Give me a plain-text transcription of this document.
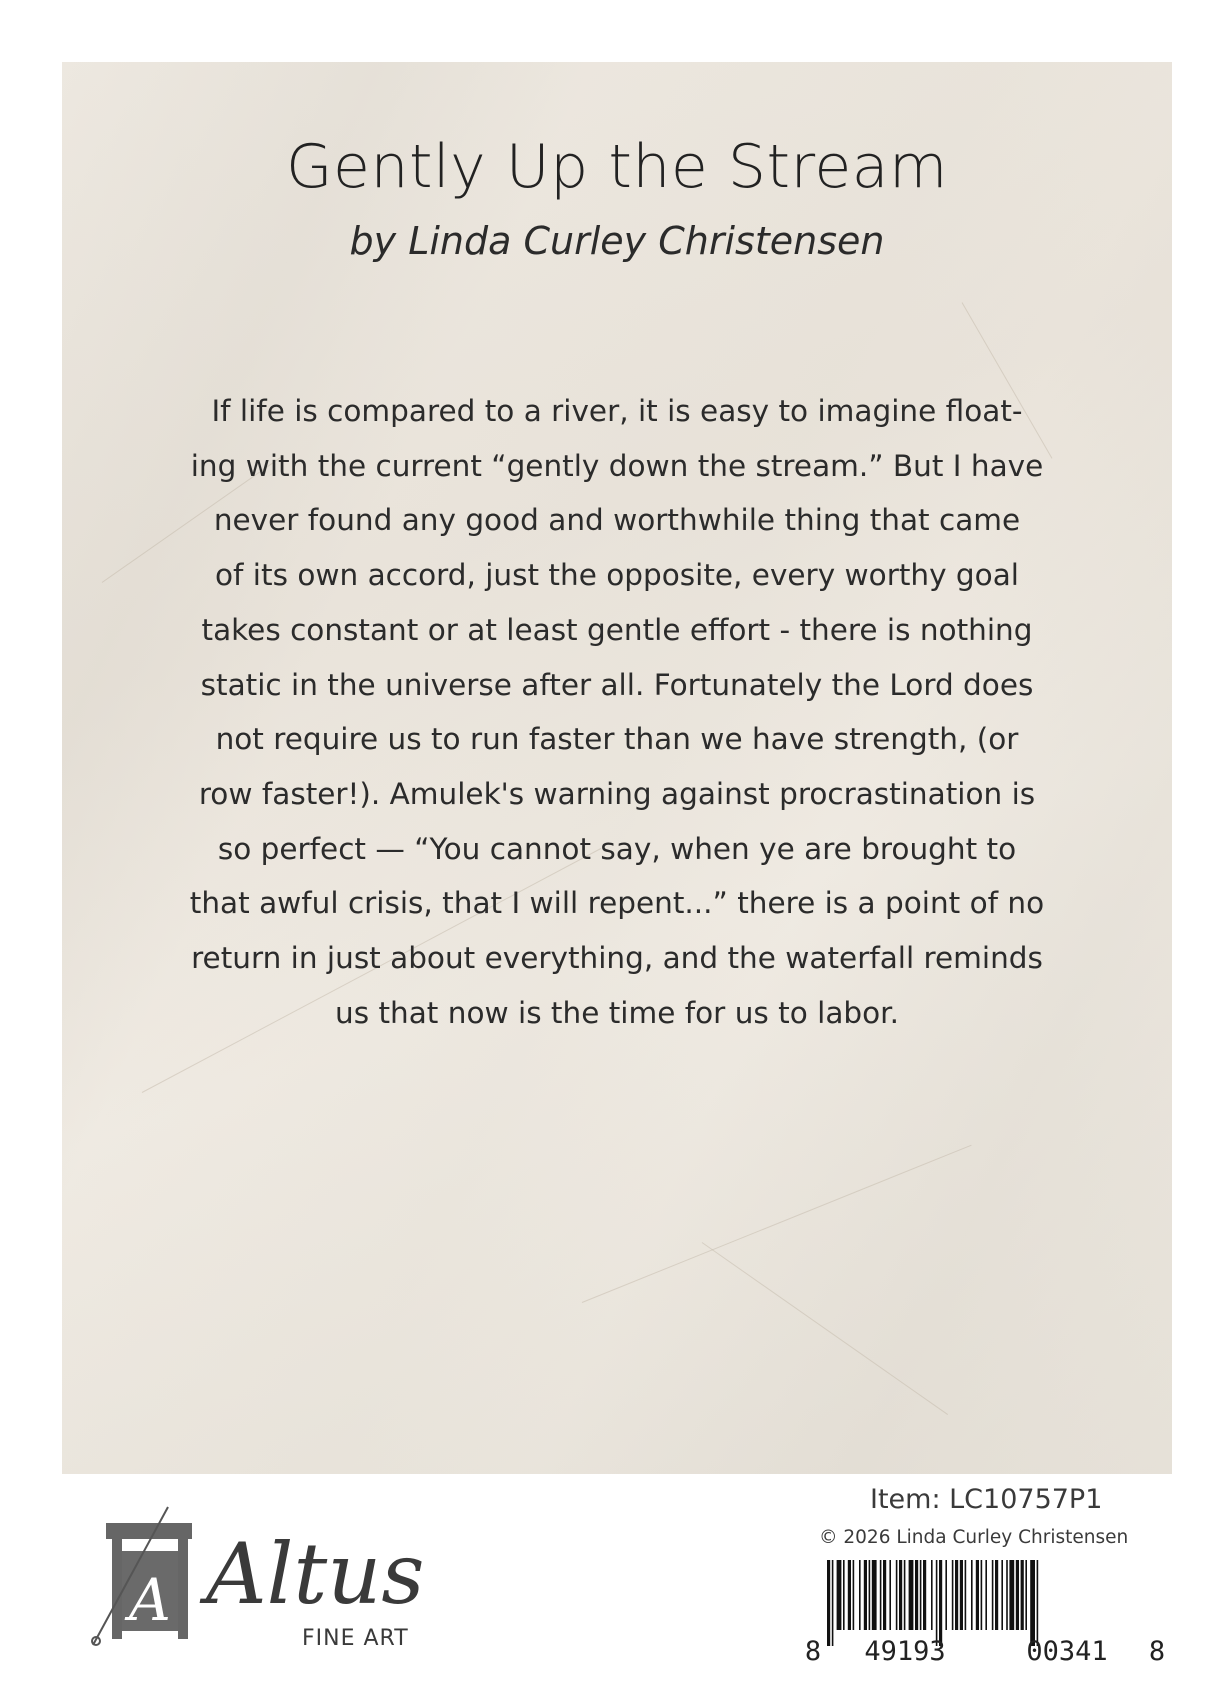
Gently Up the Stream
by Linda Curley Christensen
If life is compared to a river, it is easy to imagine float-
ing with the current “gently down the stream.” But I have
never found any good and worthwhile thing that came
of its own accord, just the opposite, every worthy goal
takes constant or at least gentle effort - there is nothing
static in the universe after all. Fortunately the Lord does
not require us to run faster than we have strength, (or
row faster!). Amulek's warning against procrastination is
so perfect — “You cannot say, when ye are brought to
that awful crisis, that I will repent...” there is a point of no
return in just about everything, and the waterfall reminds
us that now is the time for us to labor.
A Altus
FINE ART
Item: LC10757P1
© 2026 Linda Curley Christensen
8 49193	00341 8
